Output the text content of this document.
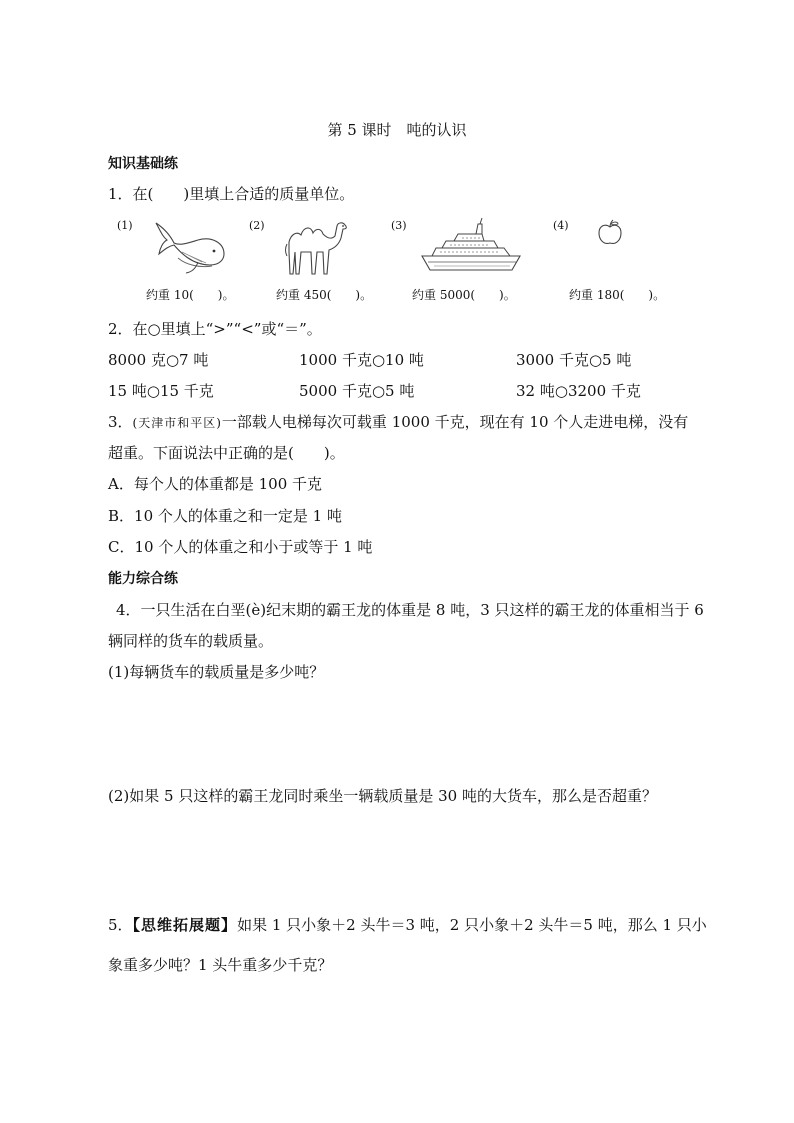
第 5 课时　吨的认识
知识基础练
1．在(　　)里填上合适的质量单位。
(1)	(2)	(3)	(4)
约重 10(　　)。	约重 450(　　)。	约重 5000(　　)。	约重 180(　　)。
2．在○里填上“>”“<”或“＝”。
8000 克○7 吨	1000 千克○10 吨	3000 千克○5 吨
15 吨○15 千克	5000 千克○5 吨	32 吨○3200 千克
3．(天津市和平区)一部载人电梯每次可载重 1000 千克，现在有 10 个人走进电梯，没有
超重。下面说法中正确的是(　　)。
A．每个人的体重都是 100 千克
B．10 个人的体重之和一定是 1 吨
C．10 个人的体重之和小于或等于 1 吨
能力综合练
4．一只生活在白垩(è)纪末期的霸王龙的体重是 8 吨，3 只这样的霸王龙的体重相当于 6
辆同样的货车的载质量。
(1)每辆货车的载质量是多少吨？
(2)如果 5 只这样的霸王龙同时乘坐一辆载质量是 30 吨的大货车，那么是否超重？
5．【思维拓展题】如果 1 只小象＋2 头牛＝3 吨，2 只小象＋2 头牛＝5 吨，那么 1 只小
象重多少吨？1 头牛重多少千克？
